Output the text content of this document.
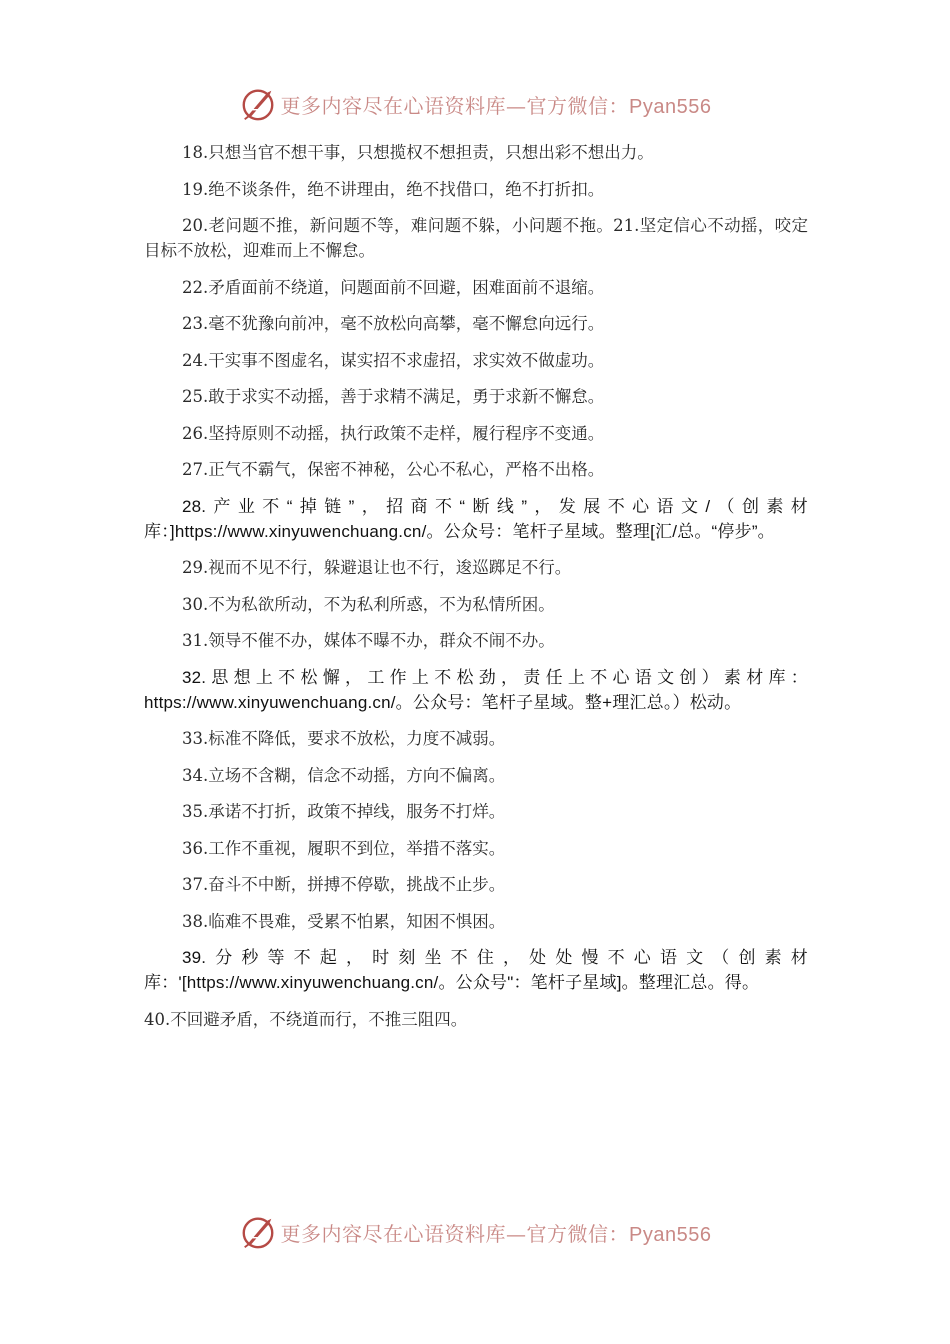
更多内容尽在心语资料库—官方微信：Pyan556

18.只想当官不想干事，只想揽权不想担责，只想出彩不想出力。

19.绝不谈条件，绝不讲理由，绝不找借口，绝不打折扣。

20.老问题不推，新问题不等，难问题不躲，小问题不拖。21.坚定信心不动摇，咬定目标不放松，迎难而上不懈怠。

22.矛盾面前不绕道，问题面前不回避，困难面前不退缩。

23.毫不犹豫向前冲，毫不放松向高攀，毫不懈怠向远行。

24.干实事不图虚名，谋实招不求虚招，求实效不做虚功。

25.敢于求实不动摇，善于求精不满足，勇于求新不懈怠。

26.坚持原则不动摇，执行政策不走样，履行程序不变通。

27.正气不霸气，保密不神秘，公心不私心，严格不出格。

28.产业不“掉链”，招商不“断线”，发展不心语文/（创素材库：]https://www.xinyuwenchuang.cn/。公众号：笔杆子星域。整理[汇/总。“停步”。

29.视而不见不行，躲避退让也不行，逡巡踯足不行。

30.不为私欲所动，不为私利所惑，不为私情所困。

31.领导不催不办，媒体不曝不办，群众不闹不办。

32.思想上不松懈，工作上不松劲，责任上不心语文创）素材库：https://www.xinyuwenchuang.cn/。公众号：笔杆子星域。整+理汇总。）松动。

33.标准不降低，要求不放松，力度不减弱。

34.立场不含糊，信念不动摇，方向不偏离。

35.承诺不打折，政策不掉线，服务不打烊。

36.工作不重视，履职不到位，举措不落实。

37.奋斗不中断，拼搏不停歇，挑战不止步。

38.临难不畏难，受累不怕累，知困不惧困。

39.分秒等不起，时刻坐不住，处处慢不心语文（创素材库：'[https://www.xinyuwenchuang.cn/。公众号"：笔杆子星域]。整理汇总。得。

40.不回避矛盾，不绕道而行，不推三阻四。

更多内容尽在心语资料库—官方微信：Pyan556
